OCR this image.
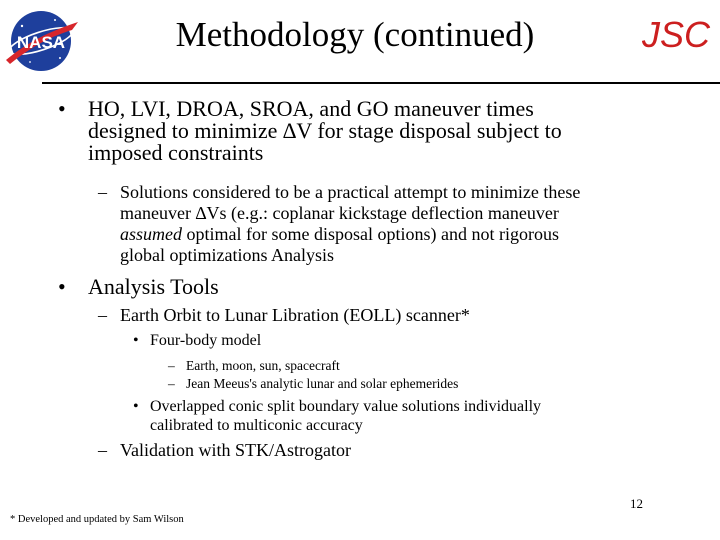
NASA	Methodology (continued)	JSC
• HO, LVI, DROA, SROA, and GO maneuver times
designed to minimize ∆V for stage disposal subject to
imposed constraints
– Solutions considered to be a practical attempt to minimize these
maneuver ∆Vs (e.g.: coplanar kickstage deflection maneuver
assumed optimal for some disposal options) and not rigorous
global optimizations Analysis
• Analysis Tools
– Earth Orbit to Lunar Libration (EOLL) scanner*
• Four-body model
– Earth, moon, sun, spacecraft
– Jean Meeus's analytic lunar and solar ephemerides
• Overlapped conic split boundary value solutions individually
calibrated to multiconic accuracy
– Validation with STK/Astrogator
12
* Developed and updated by Sam Wilson
